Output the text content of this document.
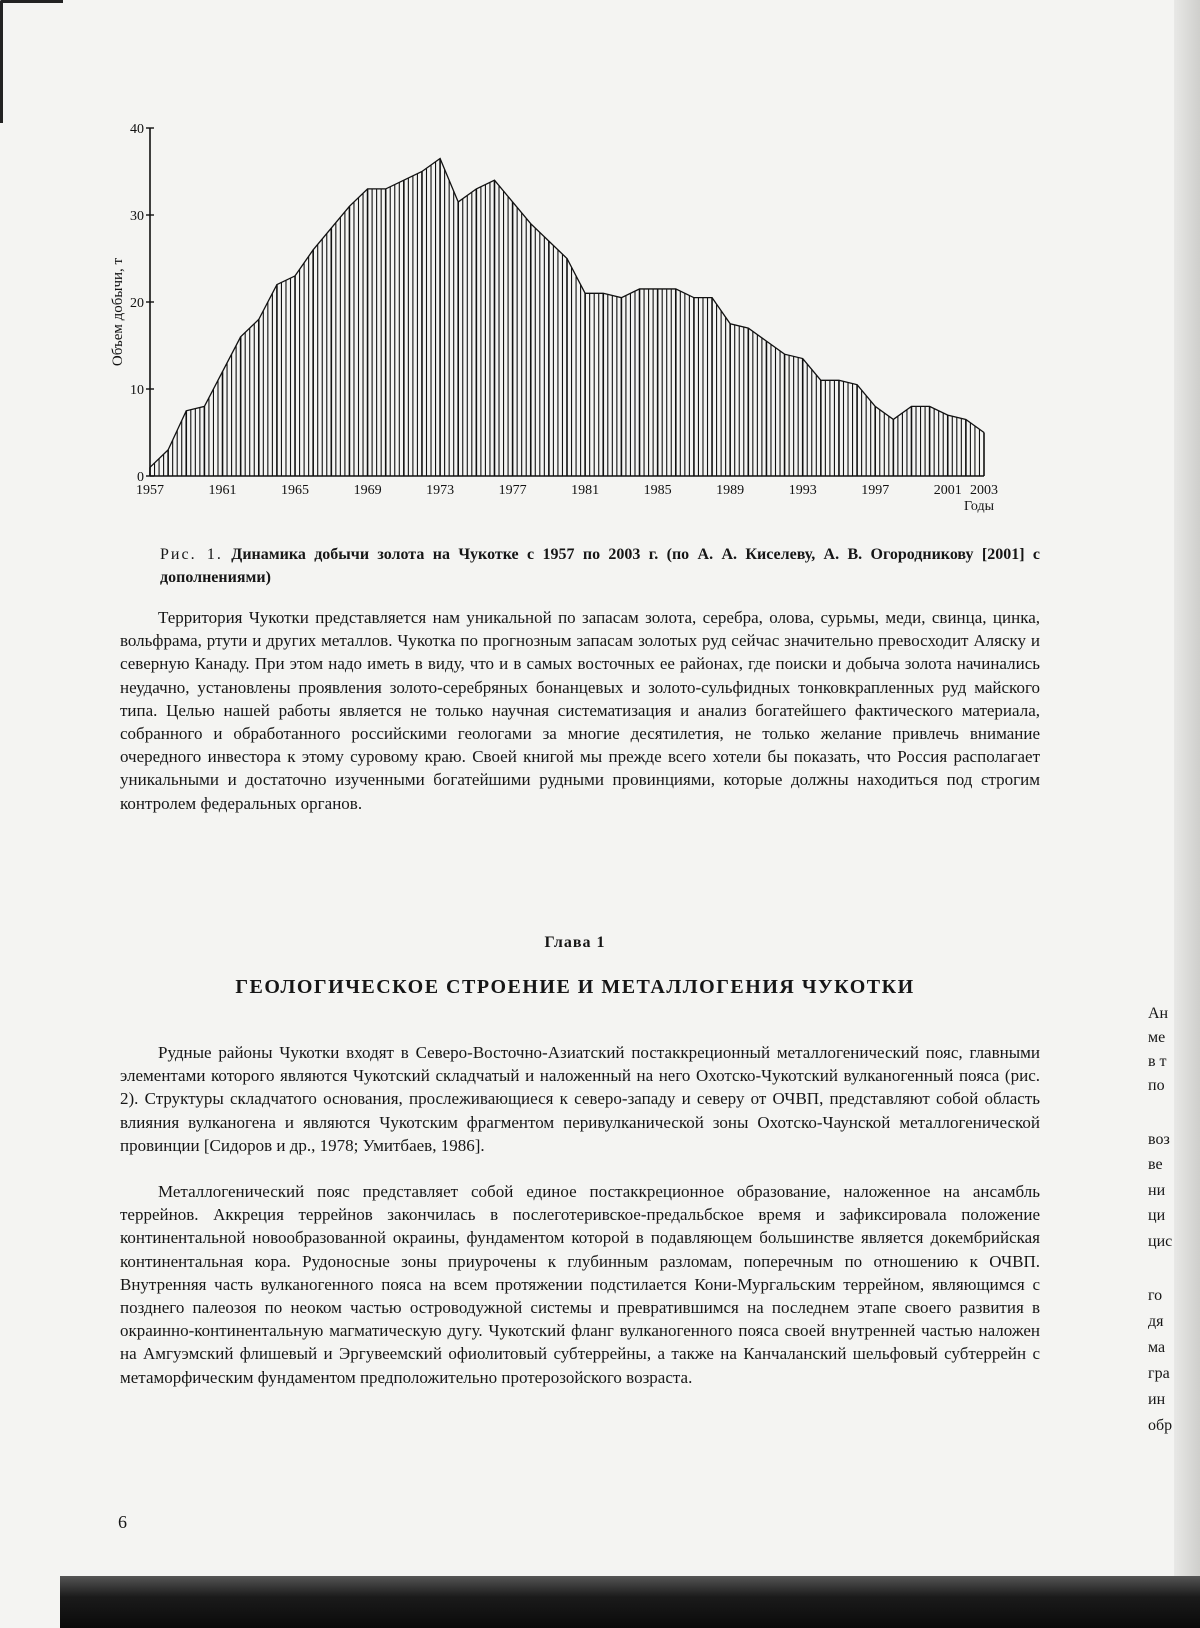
0
10
20
30
40
1957	1961	1965	1969	1973	1977	1981	1985	1989	1993	1997	2001 2003
Объем добычи, т
Годы
Рис. 1. Динамика добычи золота на Чукотке с 1957 по 2003 г. (по А. А. Киселеву, А. В. Огородникову [2001] с дополнениями)

Территория Чукотки представляется нам уникальной по запасам золота, серебра, олова, сурьмы, меди, свинца, цинка, вольфрама, ртути и других металлов. Чукотка по прогнозным запасам золотых руд сейчас значительно превосходит Аляску и северную Канаду. При этом надо иметь в виду, что и в самых восточных ее районах, где поиски и добыча золота начинались неудачно, установлены проявления золото-серебряных бонанцевых и золото-сульфидных тонковкрапленных руд майского типа. Целью нашей работы является не только научная систематизация и анализ богатейшего фактического материала, собранного и обработанного российскими геологами за многие десятилетия, не только желание привлечь внимание очередного инвестора к этому суровому краю. Своей книгой мы прежде всего хотели бы показать, что Россия располагает уникальными и достаточно изученными богатейшими рудными провинциями, которые должны находиться под строгим контролем федеральных органов.

Глава 1
ГЕОЛОГИЧЕСКОЕ СТРОЕНИЕ И МЕТАЛЛОГЕНИЯ ЧУКОТКИ

Рудные районы Чукотки входят в Северо-Восточно-Азиатский постаккреционный металлогенический пояс, главными элементами которого являются Чукотский складчатый и наложенный на него Охотско-Чукотский вулканогенный пояса (рис. 2). Структуры складчатого основания, прослеживающиеся к северо-западу и северу от ОЧВП, представляют собой область влияния вулканогена и являются Чукотским фрагментом перивулканической зоны Охотско-Чаунской металлогенической провинции [Сидоров и др., 1978; Умитбаев, 1986].

Металлогенический пояс представляет собой единое постаккреционное образование, наложенное на ансамбль террейнов. Аккреция террейнов закончилась в послеготеривское-предальбское время и зафиксировала положение континентальной новообразованной окраины, фундаментом которой в подавляющем большинстве является докембрийская континентальная кора. Рудоносные зоны приурочены к глубинным разломам, поперечным по отношению к ОЧВП. Внутренняя часть вулканогенного пояса на всем протяжении подстилается Кони-Мургальским террейном, являющимся с позднего палеозоя по неоком частью островодужной системы и превратившимся на последнем этапе своего развития в окраинно-континентальную магматическую дугу. Чукотский фланг вулканогенного пояса своей внутренней частью наложен на Амгуэмский флишевый и Эргувеемский офиолитовый субтеррейны, а также на Канчаланский шельфовый субтеррейн с метаморфическим фундаментом предположительно протерозойского возраста.

6
Ан
ме
в т
по
воз
ве
ни
ци
цис
го
дя
ма
гра
ин
обр
